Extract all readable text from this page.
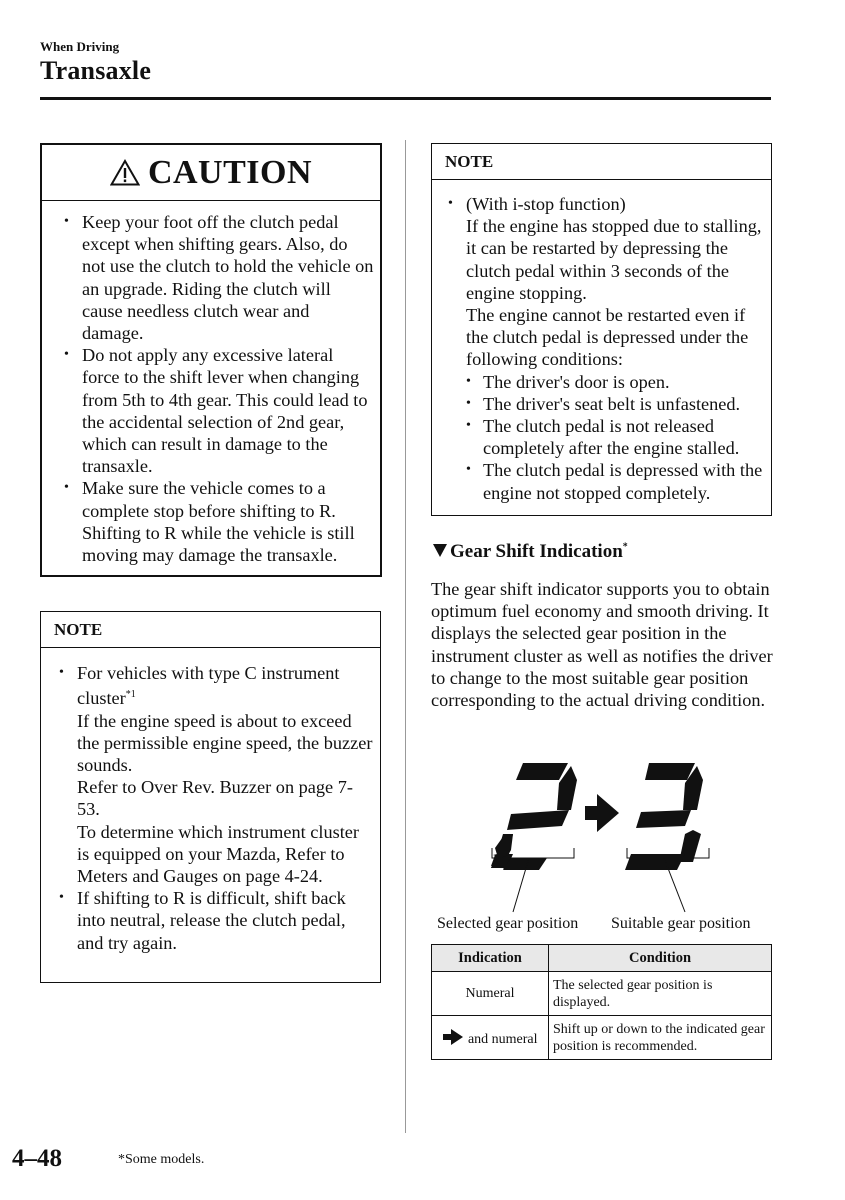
When Driving
Transaxle
CAUTION
• Keep your foot off the clutch pedal except when shifting gears. Also, do not use the clutch to hold the vehicle on an upgrade. Riding the clutch will cause needless clutch wear and damage.
• Do not apply any excessive lateral force to the shift lever when changing from 5th to 4th gear. This could lead to the accidental selection of 2nd gear, which can result in damage to the transaxle.
• Make sure the vehicle comes to a complete stop before shifting to R. Shifting to R while the vehicle is still moving may damage the transaxle.
NOTE
• For vehicles with type C instrument cluster$^{*1}$
If the engine speed is about to exceed the permissible engine speed, the buzzer sounds.
Refer to Over Rev. Buzzer on page 7-53.
To determine which instrument cluster is equipped on your Mazda, Refer to Meters and Gauges on page 4-24.
• If shifting to R is difficult, shift back into neutral, release the clutch pedal, and try again.
NOTE
• (With i-stop function)
If the engine has stopped due to stalling, it can be restarted by depressing the clutch pedal within 3 seconds of the engine stopping.
The engine cannot be restarted even if the clutch pedal is depressed under the following conditions:
• The driver's door is open.
• The driver's seat belt is unfastened.
• The clutch pedal is not released completely after the engine stalled.
• The clutch pedal is depressed with the engine not stopped completely.
Gear Shift Indication*
The gear shift indicator supports you to obtain optimum fuel economy and smooth driving. It displays the selected gear position in the instrument cluster as well as notifies the driver to change to the most suitable gear position corresponding to the actual driving condition.
Selected gear position Suitable gear position
Indication	Condition
Numeral	The selected gear position is displayed.
and numeral	Shift up or down to the indicated gear position is recommended.
4–48	*Some models.
